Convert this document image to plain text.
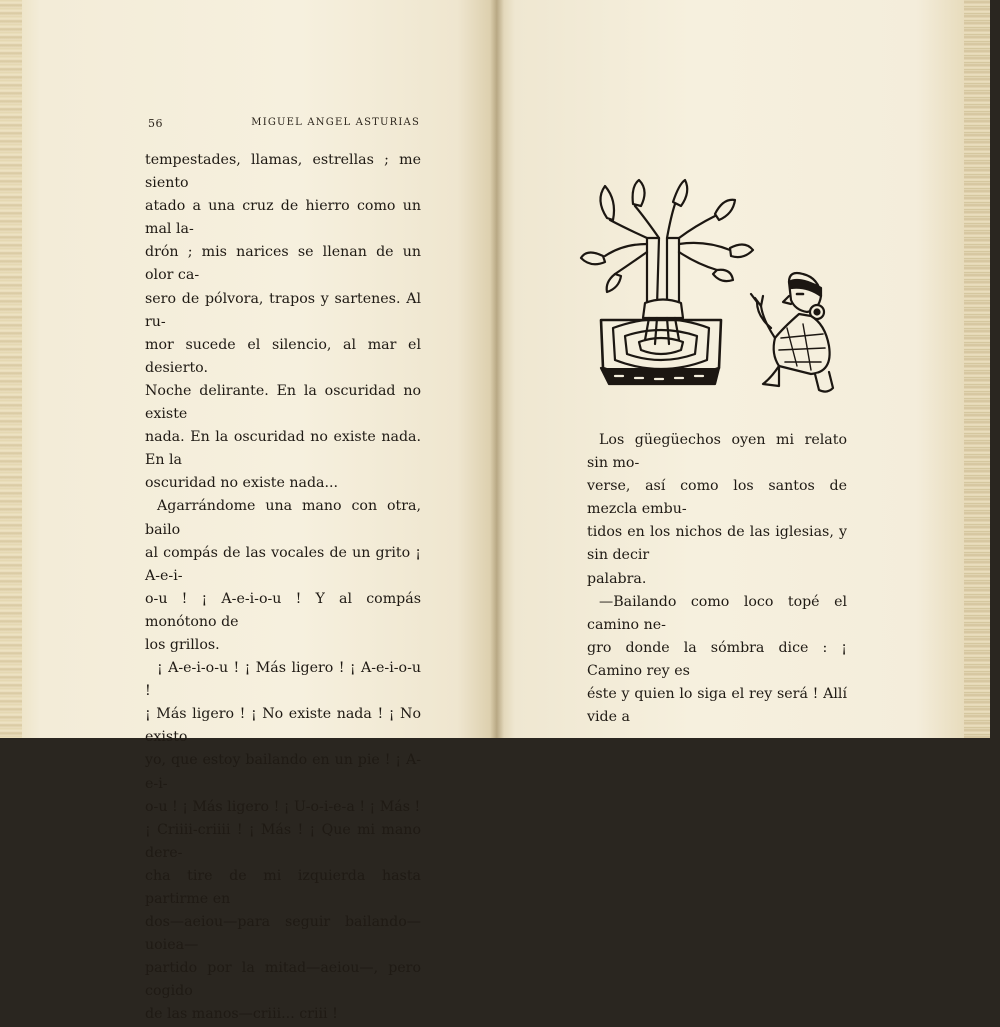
56	MIGUEL ANGEL ASTURIAS

tempestades, llamas, estrellas ; me siento

atado a una cruz de hierro como un mal la-

drón ; mis narices se llenan de un olor ca-

sero de pólvora, trapos y sartenes. Al ru-

mor sucede el silencio, al mar el desierto.

Noche delirante. En la oscuridad no existe

nada. En la oscuridad no existe nada. En la

oscuridad no existe nada...

Agarrándome una mano con otra, bailo

al compás de las vocales de un grito ¡ A-e-i-

o-u ! ¡ A-e-i-o-u ! Y al compás monótono de

los grillos.

¡ A-e-i-o-u ! ¡ Más ligero ! ¡ A-e-i-o-u !

¡ Más ligero ! ¡ No existe nada ! ¡ No existo

yo, que estoy bailando en un pie ! ¡ A-e-i-

o-u ! ¡ Más ligero ! ¡ U-o-i-e-a ! ¡ Más !

¡ Criiii-criiii ! ¡ Más ! ¡ Que mi mano dere-

cha tire de mi izquierda hasta partirme en

dos—aeiou—para seguir bailando—uoiea—

partido por la mitad—aeiou—, pero cogido

de las manos—criii... criii !

Los güegüechos oyen mi relato sin mo-

verse, así como los santos de mezcla embu-

tidos en los nichos de las iglesias, y sin decir

palabra.

—Bailando como loco topé el camino ne-

gro donde la sómbra dice : ¡ Camino rey es

éste y quien lo siga el rey será ! Allí vide a
